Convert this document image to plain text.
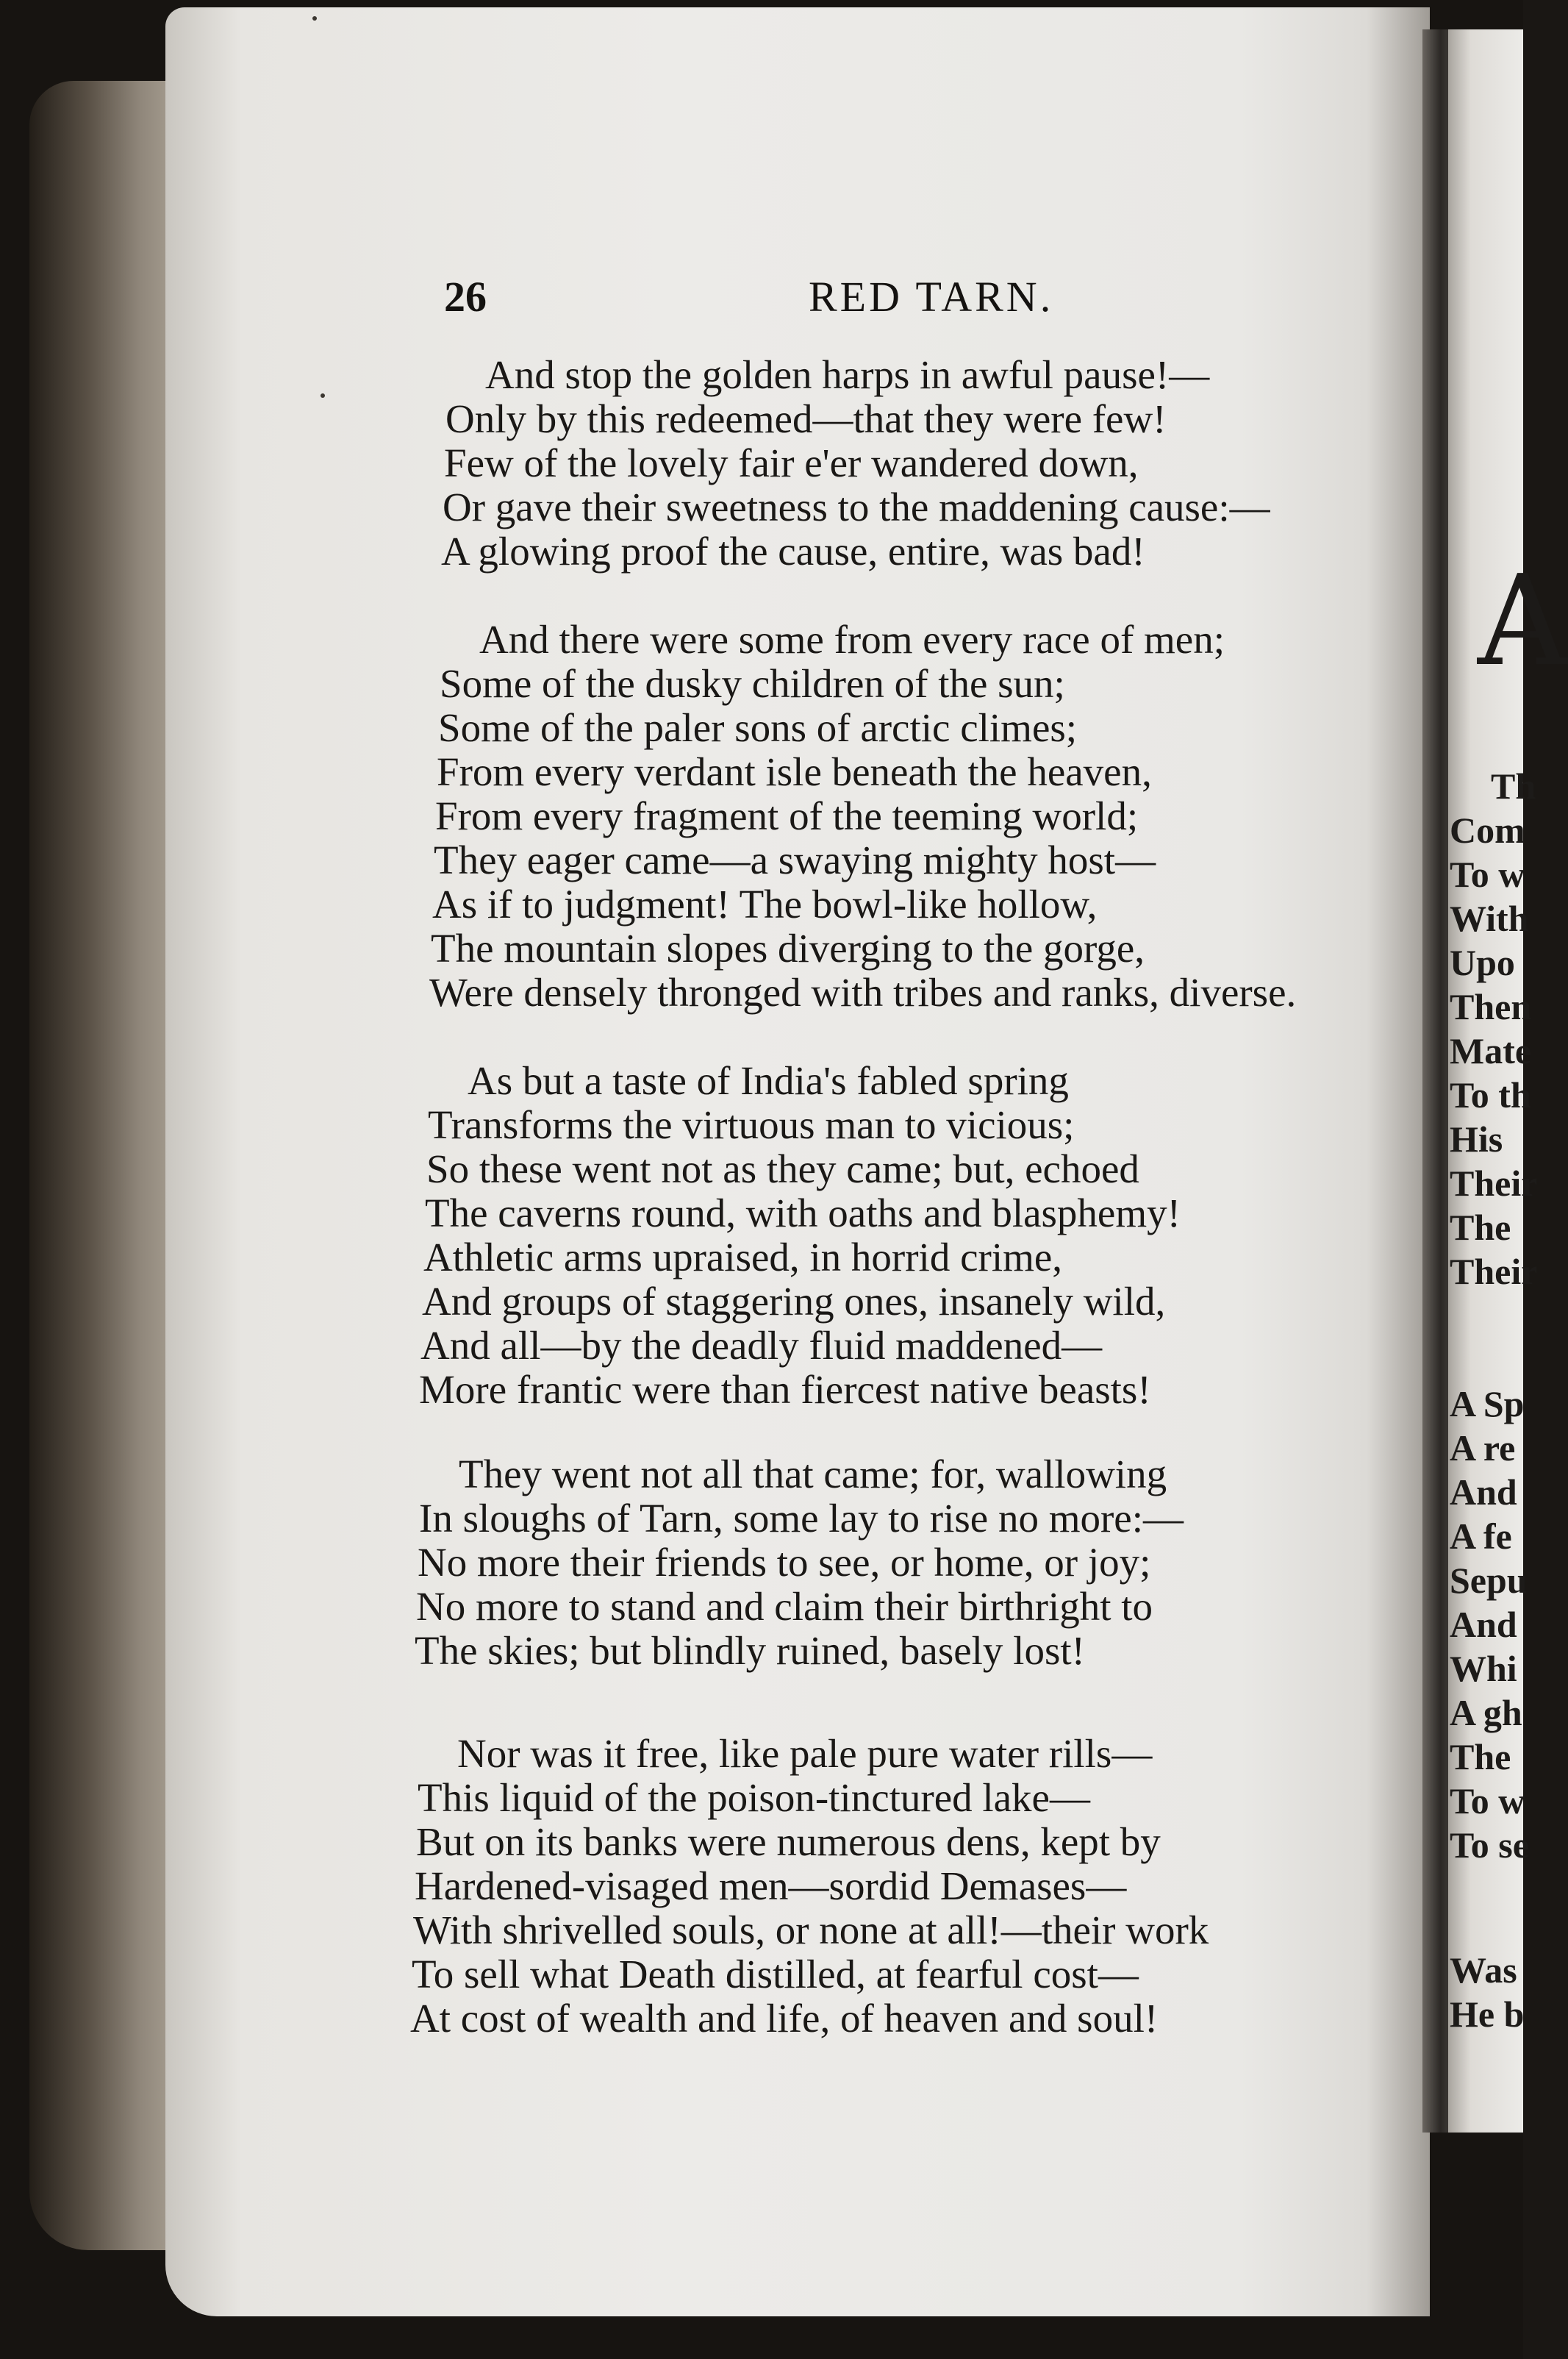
A
Th
Com
To w
With
Upo
Then
Mate
To th
His
Their
The
Their
A Sp
A re
And
A fe
Sepu
And
Whi
A gh
The
To w
To se
Was
He b
26	RED TARN.
And stop the golden harps in awful pause!—
Only by this redeemed—that they were few!
Few of the lovely fair e'er wandered down,
Or gave their sweetness to the maddening cause:—
A glowing proof the cause, entire, was bad!
And there were some from every race of men;
Some of the dusky children of the sun;
Some of the paler sons of arctic climes;
From every verdant isle beneath the heaven,
From every fragment of the teeming world;
They eager came—a swaying mighty host—
As if to judgment! The bowl-like hollow,
The mountain slopes diverging to the gorge,
Were densely thronged with tribes and ranks, diverse.
As but a taste of India's fabled spring
Transforms the virtuous man to vicious;
So these went not as they came; but, echoed
The caverns round, with oaths and blasphemy!
Athletic arms upraised, in horrid crime,
And groups of staggering ones, insanely wild,
And all—by the deadly fluid maddened—
More frantic were than fiercest native beasts!
They went not all that came; for, wallowing
In sloughs of Tarn, some lay to rise no more:—
No more their friends to see, or home, or joy;
No more to stand and claim their birthright to
The skies; but blindly ruined, basely lost!
Nor was it free, like pale pure water rills—
This liquid of the poison-tinctured lake—
But on its banks were numerous dens, kept by
Hardened-visaged men—sordid Demases—
With shrivelled souls, or none at all!—their work
To sell what Death distilled, at fearful cost—
At cost of wealth and life, of heaven and soul!
